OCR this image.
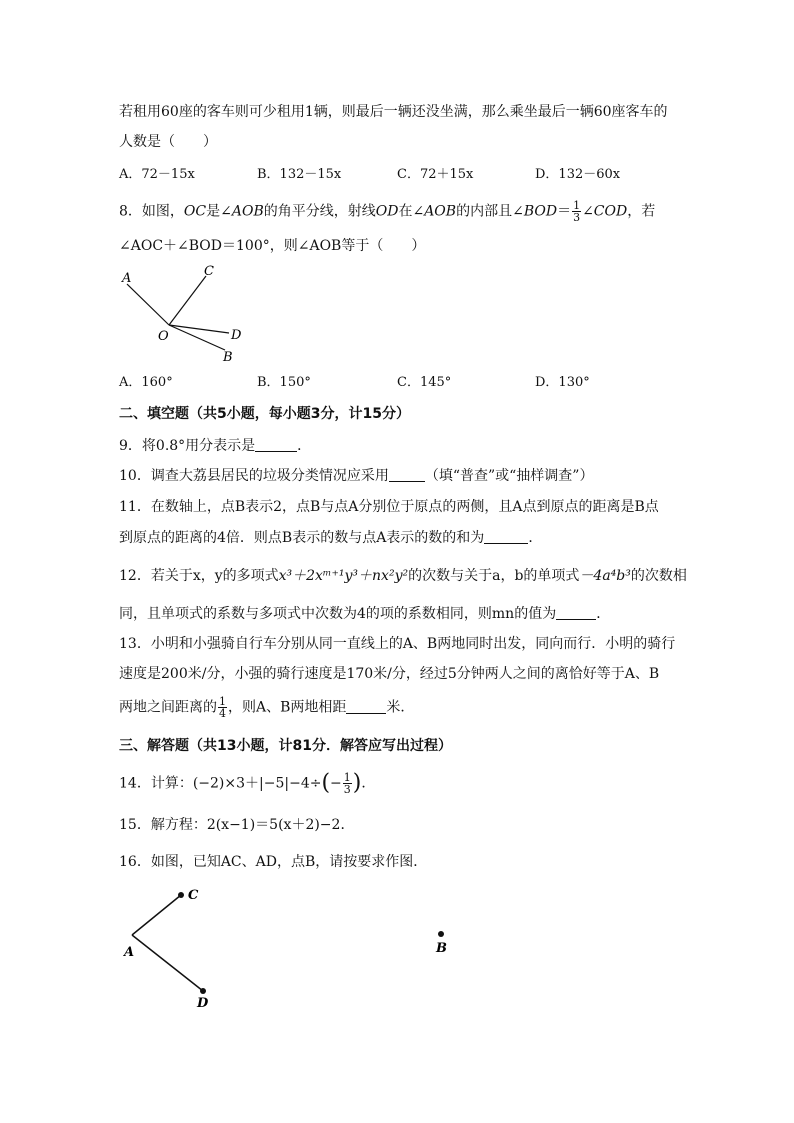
若租用60座的客车则可少租用1辆，则最后一辆还没坐满，那么乘坐最后一辆60座客车的
人数是（　　）
A．72－15x	B．132－15x	C．72＋15x	D．132－60x
8．如图，OC是∠AOB的角平分线，射线OD在∠AOB的内部且∠BOD＝ $\frac{1}{3}$ ∠COD，若
∠AOC＋∠BOD＝100°，则∠AOB等于（　　）
A	C
O	D
B
A．160°	B．150°	C．145°	D．130°
二、填空题（共5小题，每小题3分，计15分）
9．将0.8°用分表示是	．
10．调查大荔县居民的垃圾分类情况应采用	（填“普查”或“抽样调查”）
11．在数轴上，点B表示2，点B与点A分别位于原点的两侧，且A点到原点的距离是B点
到原点的距离的4倍．则点B表示的数与点A表示的数的和为	．
12．若关于x，y的多项式x³＋2xᵐ⁺¹y³＋nx²y²的次数与关于a，b的单项式－4a⁴b³的次数相
同，且单项式的系数与多项式中次数为4的项的系数相同，则mn的值为	．
13．小明和小强骑自行车分别从同一直线上的A、B两地同时出发，同向而行．小明的骑行
速度是200米/分，小强的骑行速度是170米/分，经过5分钟两人之间的离恰好等于A、B
两地之间距离的 $\frac{1}{4}$ ，则A、B两地相距	米．
三、解答题（共13小题，计81分．解答应写出过程）
14．计算：$(-2)\times 3+|-5|-4\div(- \frac{1}{3}$ )．
15．解方程：2(x−1)＝5(x＋2)−2．
16．如图，已知AC、AD，点B，请按要求作图．
C
A
D
B
